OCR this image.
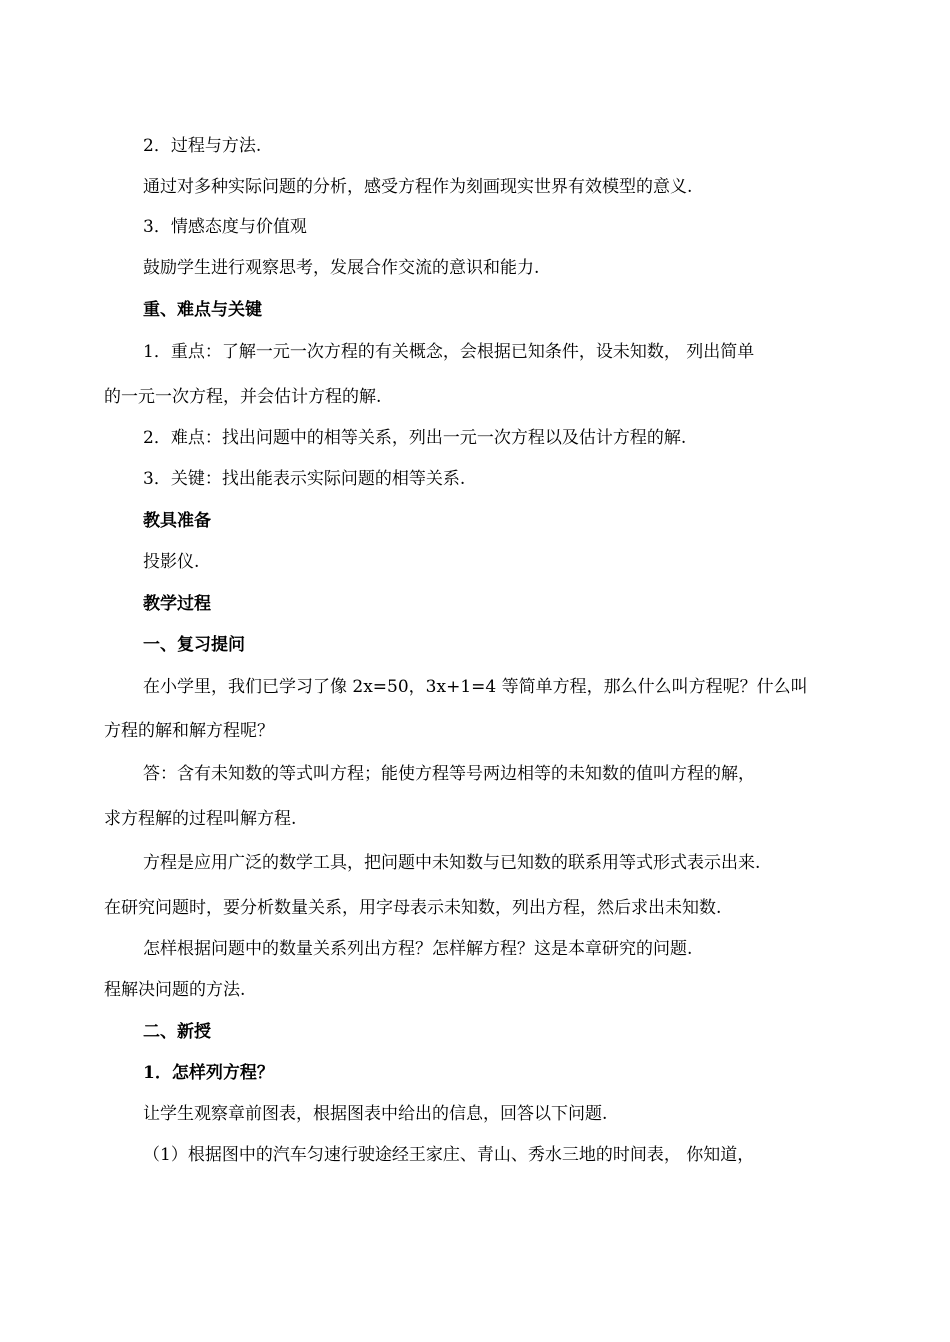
2．过程与方法.
通过对多种实际问题的分析，感受方程作为刻画现实世界有效模型的意义.
3．情感态度与价值观
鼓励学生进行观察思考，发展合作交流的意识和能力.
重、难点与关键
1．重点：了解一元一次方程的有关概念，会根据已知条件，设未知数， 列出简单
的一元一次方程，并会估计方程的解.
2．难点：找出问题中的相等关系，列出一元一次方程以及估计方程的解.
3．关键：找出能表示实际问题的相等关系.
教具准备
投影仪.
教学过程
一、复习提问
在小学里，我们已学习了像 2x=50，3x+1=4 等简单方程，那么什么叫方程呢？什么叫
方程的解和解方程呢？
答：含有未知数的等式叫方程；能使方程等号两边相等的未知数的值叫方程的解，
求方程解的过程叫解方程.
方程是应用广泛的数学工具，把问题中未知数与已知数的联系用等式形式表示出来.
在研究问题时，要分析数量关系，用字母表示未知数，列出方程，然后求出未知数.
怎样根据问题中的数量关系列出方程？怎样解方程？这是本章研究的问题.
程解决问题的方法.
二、新授
1．怎样列方程？
让学生观察章前图表，根据图表中给出的信息，回答以下问题.
（1）根据图中的汽车匀速行驶途经王家庄、青山、秀水三地的时间表， 你知道，
